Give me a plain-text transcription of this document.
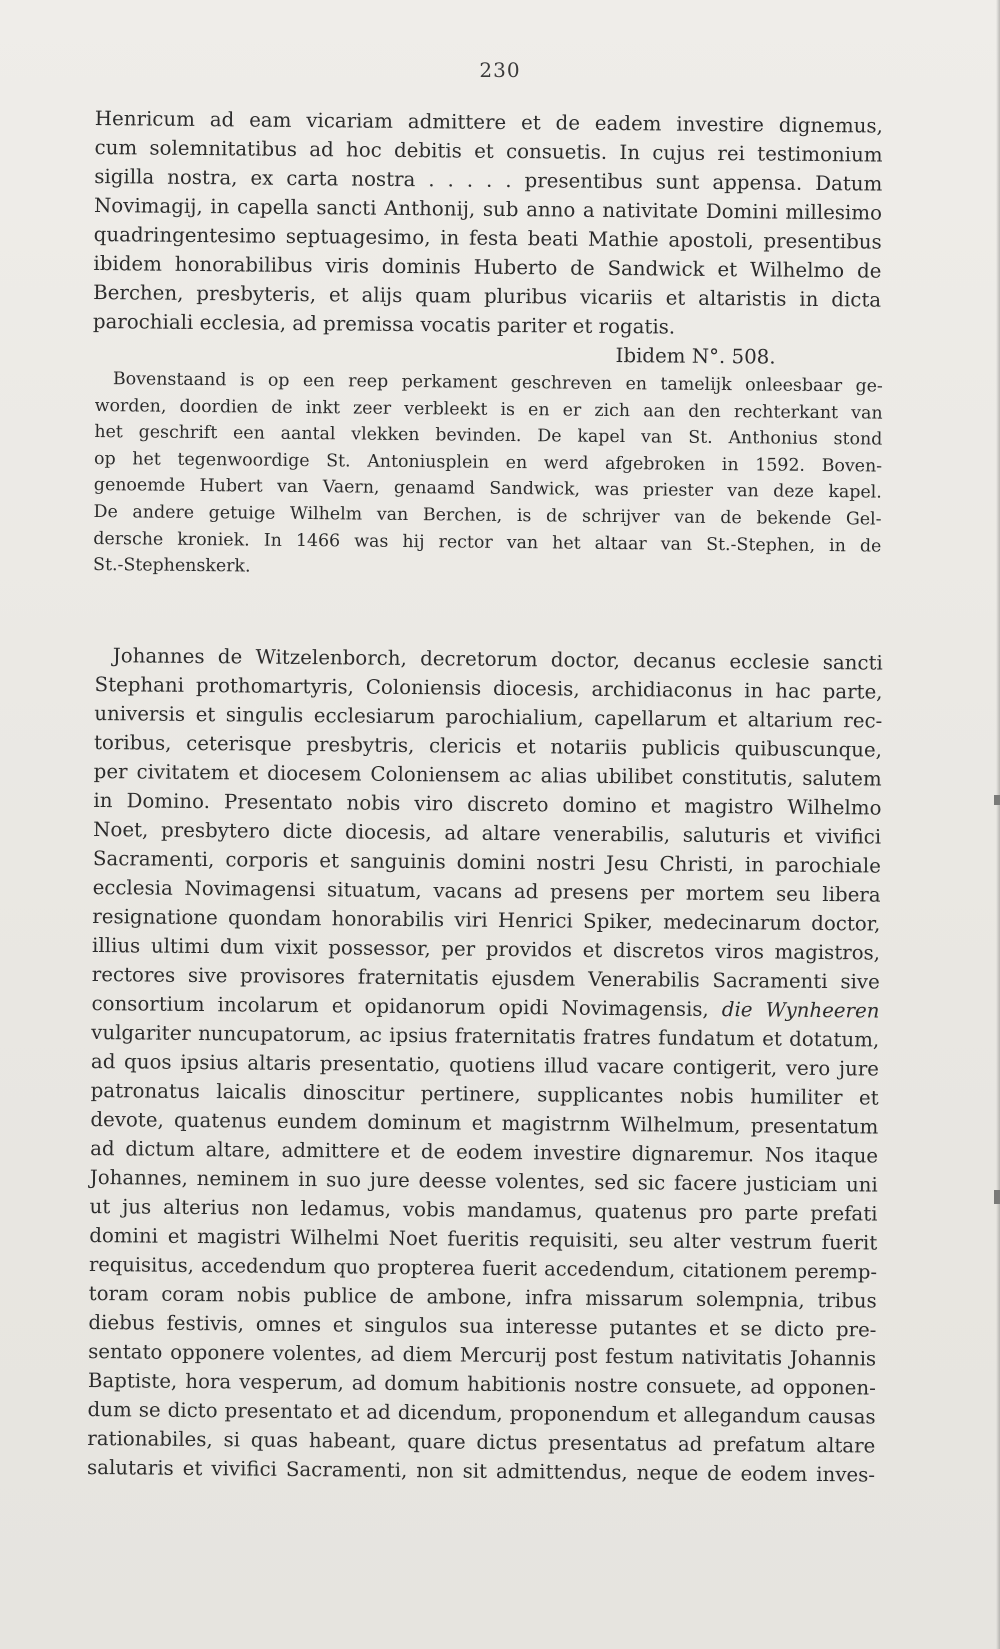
230
Henricum ad eam vicariam admittere et de eadem investire dignemus,
cum solemnitatibus ad hoc debitis et consuetis. In cujus rei testimonium
sigilla nostra, ex carta nostra . . . . . presentibus sunt appensa. Datum
Novimagij, in capella sancti Anthonij, sub anno a nativitate Domini millesimo
quadringentesimo septuagesimo, in festa beati Mathie apostoli, presentibus
ibidem honorabilibus viris dominis Huberto de Sandwick et Wilhelmo de
Berchen, presbyteris, et alijs quam pluribus vicariis et altaristis in dicta
parochiali ecclesia, ad premissa vocatis pariter et rogatis.
Ibidem N°. 508.
Bovenstaand is op een reep perkament geschreven en tamelijk onleesbaar ge-
worden, doordien de inkt zeer verbleekt is en er zich aan den rechterkant van
het geschrift een aantal vlekken bevinden. De kapel van St. Anthonius stond
op het tegenwoordige St. Antoniusplein en werd afgebroken in 1592. Boven-
genoemde Hubert van Vaern, genaamd Sandwick, was priester van deze kapel.
De andere getuige Wilhelm van Berchen, is de schrijver van de bekende Gel-
dersche kroniek. In 1466 was hij rector van het altaar van St.-Stephen, in de
St.-Stephenskerk.
Johannes de Witzelenborch, decretorum doctor, decanus ecclesie sancti
Stephani prothomartyris, Coloniensis diocesis, archidiaconus in hac parte,
universis et singulis ecclesiarum parochialium, capellarum et altarium rec-
toribus, ceterisque presbytris, clericis et notariis publicis quibuscunque,
per civitatem et diocesem Coloniensem ac alias ubilibet constitutis, salutem
in Domino. Presentato nobis viro discreto domino et magistro Wilhelmo
Noet, presbytero dicte diocesis, ad altare venerabilis, saluturis et vivifici
Sacramenti, corporis et sanguinis domini nostri Jesu Christi, in parochiale
ecclesia Novimagensi situatum, vacans ad presens per mortem seu libera
resignatione quondam honorabilis viri Henrici Spiker, medecinarum doctor,
illius ultimi dum vixit possessor, per providos et discretos viros magistros,
rectores sive provisores fraternitatis ejusdem Venerabilis Sacramenti sive
consortium incolarum et opidanorum opidi Novimagensis, die Wynheeren
vulgariter nuncupatorum, ac ipsius fraternitatis fratres fundatum et dotatum,
ad quos ipsius altaris presentatio, quotiens illud vacare contigerit, vero jure
patronatus laicalis dinoscitur pertinere, supplicantes nobis humiliter et
devote, quatenus eundem dominum et magistrnm Wilhelmum, presentatum
ad dictum altare, admittere et de eodem investire dignaremur. Nos itaque
Johannes, neminem in suo jure deesse volentes, sed sic facere justiciam uni
ut jus alterius non ledamus, vobis mandamus, quatenus pro parte prefati
domini et magistri Wilhelmi Noet fueritis requisiti, seu alter vestrum fuerit
requisitus, accedendum quo propterea fuerit accedendum, citationem peremp-
toram coram nobis publice de ambone, infra missarum solempnia, tribus
diebus festivis, omnes et singulos sua interesse putantes et se dicto pre-
sentato opponere volentes, ad diem Mercurij post festum nativitatis Johannis
Baptiste, hora vesperum, ad domum habitionis nostre consuete, ad opponen-
dum se dicto presentato et ad dicendum, proponendum et allegandum causas
rationabiles, si quas habeant, quare dictus presentatus ad prefatum altare
salutaris et vivifici Sacramenti, non sit admittendus, neque de eodem inves-
